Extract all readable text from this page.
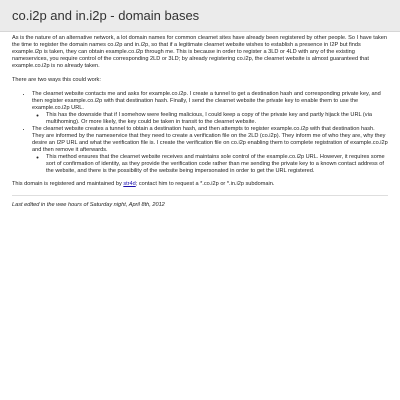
co.i2p and in.i2p - domain bases

As is the nature of an alternative network, a lot domain names for common clearnet sites have already been registered by other people. So I have taken the time to register the domain names co.i2p and in.i2p, so that if a legitimate clearnet website wishes to establish a presence in I2P but finds example.i2p is taken, they can obtain example.co.i2p through me. This is because in order to register a 3LD or 4LD with any of the existing nameservices, you require control of the corresponding 2LD or 3LD; by already registering co.i2p, the clearnet website is almost guaranteed that example.co.i2p is no already taken.

There are two ways this could work:

• The clearnet website contacts me and asks for example.co.i2p. I create a tunnel to get a destination hash and corresponding private key, and then register example.co.i2p with that destination hash. Finally, I send the clearnet website the private key to enable them to use the example.co.i2p URL.
◦ This has the downside that if I somehow were feeling malicious, I could keep a copy of the private key and partly hijack the URL (via multihoming). Or more likely, the key could be taken in transit to the clearnet website.
• The clearnet website creates a tunnel to obtain a destination hash, and then attempts to register example.co.i2p with that destination hash. They are informed by the nameservice that they need to create a verification file on the 2LD (co.i2p). They inform me of who they are, why they desire an I2P URL and what the verification file is. I create the verification file on co.i2p enabling them to complete registration of example.co.i2p and then remove it afterwards.
◦ This method ensures that the clearnet website receives and maintains sole control of the example.co.i2p URL. However, it requires some sort of confirmation of identity, as they provide the verification code rather than me sending the private key to a known contact address of the website, and there is the possibility of the website being impersonated in order to get the URL registered.

This domain is registered and maintained by str4d; contact him to request a *.co.i2p or *.in.i2p subdomain.

Last edited in the wee hours of Saturday night, April 8th, 2012
